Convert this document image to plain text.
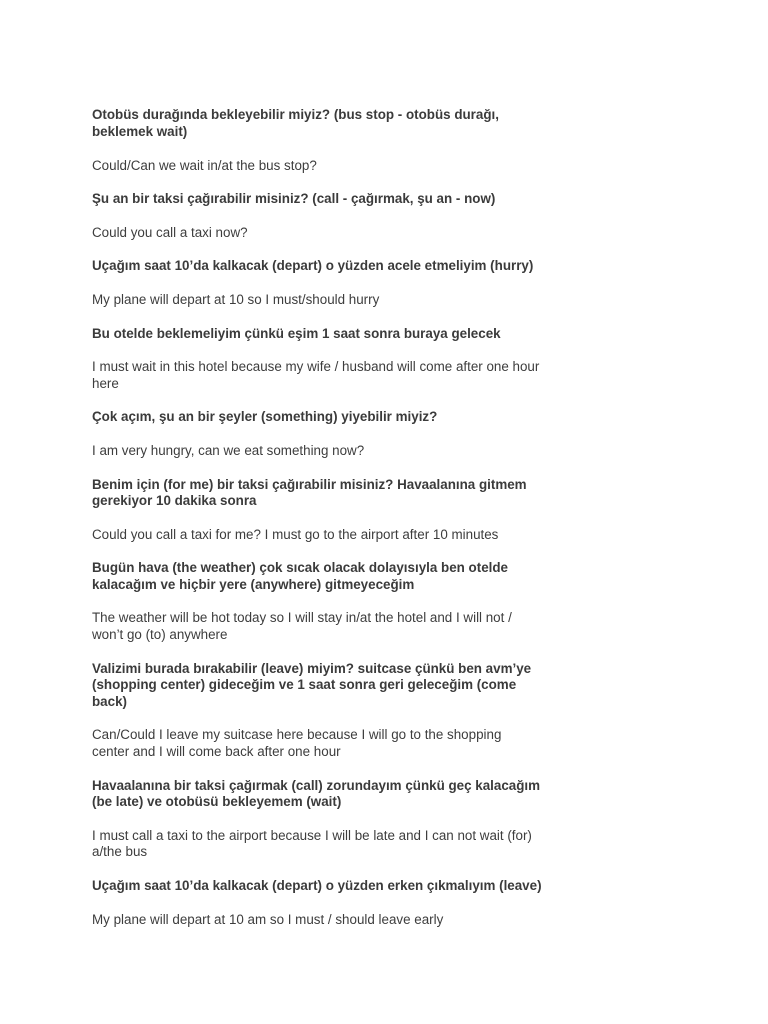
Otobüs durağında bekleyebilir miyiz? (bus stop - otobüs durağı, beklemek wait)

Could/Can we wait in/at the bus stop?

Şu an bir taksi çağırabilir misiniz? (call - çağırmak, şu an - now)

Could you call a taxi now?

Uçağım saat 10’da kalkacak (depart) o yüzden acele etmeliyim (hurry)

My plane will depart at 10 so I must/should hurry

Bu otelde beklemeliyim çünkü eşim 1 saat sonra buraya gelecek

I must wait in this hotel because my wife / husband will come after one hour here

Çok açım, şu an bir şeyler (something) yiyebilir miyiz?

I am very hungry, can we eat something now?

Benim için (for me) bir taksi çağırabilir misiniz? Havaalanına gitmem gerekiyor 10 dakika sonra

Could you call a taxi for me? I must go to the airport after 10 minutes

Bugün hava (the weather) çok sıcak olacak dolayısıyla ben otelde kalacağım ve hiçbir yere (anywhere) gitmeyeceğim

The weather will be hot today so I will stay in/at the hotel and I will not / won’t go (to) anywhere

Valizimi burada bırakabilir (leave) miyim? suitcase çünkü ben avm’ye (shopping center) gideceğim ve 1 saat sonra geri geleceğim (come back)

Can/Could I leave my suitcase here because I will go to the shopping center and I will come back after one hour

Havaalanına bir taksi çağırmak (call) zorundayım çünkü geç kalacağım (be late) ve otobüsü bekleyemem (wait)

I must call a taxi to the airport because I will be late and I can not wait (for) a/the bus

Uçağım saat 10’da kalkacak (depart) o yüzden erken çıkmalıyım (leave)

My plane will depart at 10 am so I must / should leave early
